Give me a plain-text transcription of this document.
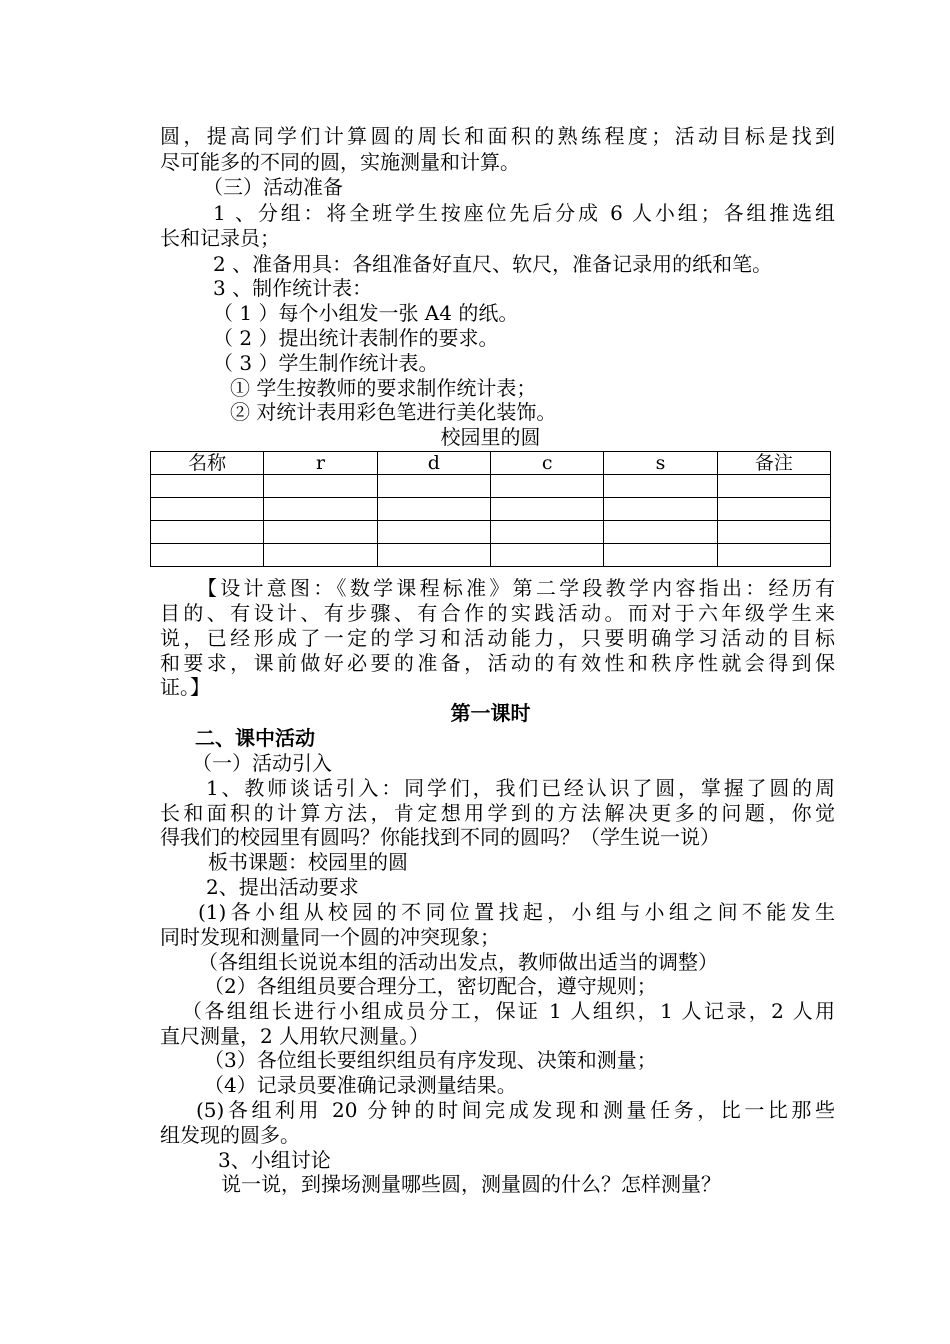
圆，提高同学们计算圆的周长和面积的熟练程度；活动目标是找到
尽可能多的不同的圆，实施测量和计算。
（三）活动准备
1 、分组：将全班学生按座位先后分成 6 人小组；各组推选组
长和记录员；
2 、准备用具：各组准备好直尺、软尺，准备记录用的纸和笔。
3 、制作统计表：
（ 1 ）每个小组发一张 A4 的纸。
（ 2 ）提出统计表制作的要求。
（ 3 ）学生制作统计表。
① 学生按教师的要求制作统计表；
② 对统计表用彩色笔进行美化装饰。
校园里的圆
名称	r	d	c	s	备注

【设计意图：《数学课程标准》第二学段教学内容指出：经历有
目的、有设计、有步骤、有合作的实践活动。而对于六年级学生来
说，已经形成了一定的学习和活动能力，只要明确学习活动的目标
和要求，课前做好必要的准备，活动的有效性和秩序性就会得到保
证。】
第一课时
二、课中活动
（一）活动引入
1、教师谈话引入：同学们，我们已经认识了圆，掌握了圆的周
长和面积的计算方法，肯定想用学到的方法解决更多的问题，你觉
得我们的校园里有圆吗？你能找到不同的圆吗？（学生说一说）
板书课题：校园里的圆
2、提出活动要求
(1)各小组从校园的不同位置找起，小组与小组之间不能发生
同时发现和测量同一个圆的冲突现象；
（各组组长说说本组的活动出发点，教师做出适当的调整）
（2）各组组员要合理分工，密切配合，遵守规则；
（各组组长进行小组成员分工，保证 1 人组织，1 人记录，2 人用
直尺测量，2 人用软尺测量。）
（3）各位组长要组织组员有序发现、决策和测量；
（4）记录员要准确记录测量结果。
(5)各组利用 20 分钟的时间完成发现和测量任务，比一比那些
组发现的圆多。
3、小组讨论
说一说，到操场测量哪些圆，测量圆的什么？怎样测量？
